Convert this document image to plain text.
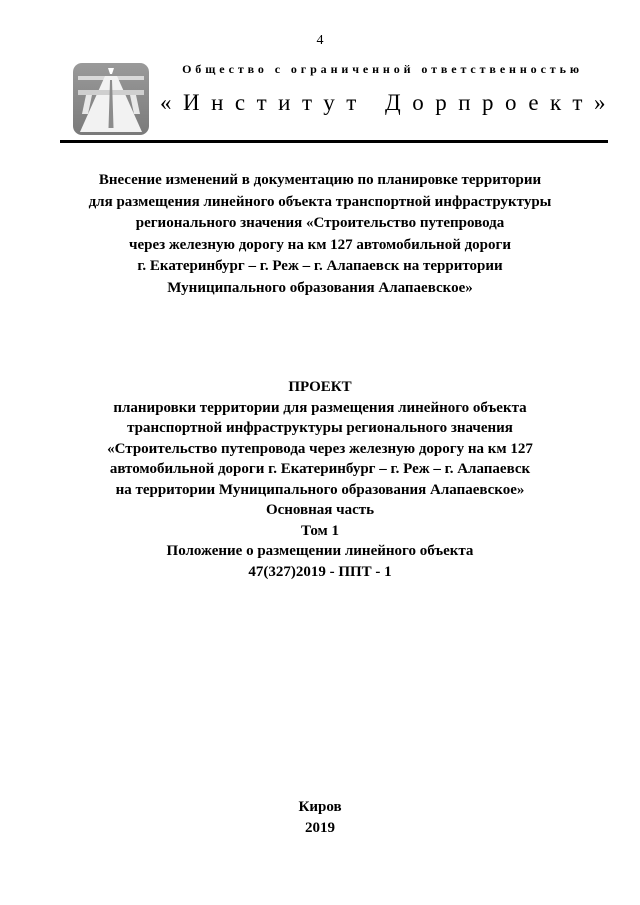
4
Общество с ограниченной ответственностью
«Институт Дорпроект»
Внесение изменений в документацию по планировке территории
для размещения линейного объекта транспортной инфраструктуры
регионального значения «Строительство путепровода
через железную дорогу на км 127 автомобильной дороги
г. Екатеринбург – г. Реж – г. Алапаевск на территории
Муниципального образования Алапаевское»
ПРОЕКТ
планировки территории для размещения линейного объекта
транспортной инфраструктуры регионального значения
«Строительство путепровода через железную дорогу на км 127
автомобильной дороги г. Екатеринбург – г. Реж – г. Алапаевск
на территории Муниципального образования Алапаевское»
Основная часть
Том 1
Положение о размещении линейного объекта
47(327)2019 - ППТ - 1
Киров
2019
